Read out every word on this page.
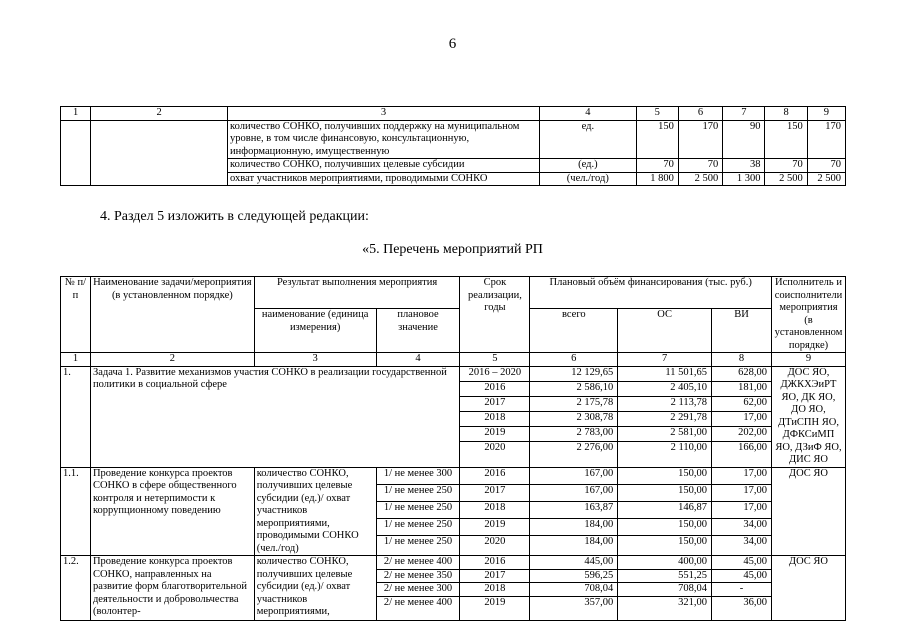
6
1	2	3	4	5	6	7	8	9
		количество СОНКО, получивших поддержку на муниципальном уровне, в том числе финансовую, консультационную, информационную, имущественную	ед.	150	170	90	150	170
		количество СОНКО, получивших целевые субсидии	(ед.)	70	70	38	70	70
		охват участников мероприятиями, проводимыми СОНКО	(чел./год)	1 800	2 500	1 300	2 500	2 500
4. Раздел 5 изложить в следующей редакции:
«5. Перечень мероприятий РП
№ п/п	Наименование задачи/мероприятия (в установленном порядке)	Результат выполнения мероприятия		Срок реализации, годы	Плановый объём финансирования (тыс. руб.)			Исполнитель и соисполнители мероприятия (в установленном порядке)
		наименование (единица измерения)	плановое значение		всего	ОС	ВИ	
1	2	3	4	5	6	7	8	9
1.	Задача 1. Развитие механизмов участия СОНКО в реализации государственной политики в социальной сфере			2016 – 2020	12 129,65	11 501,65	628,00	ДОС ЯО, ДЖКХЭиРТ ЯО, ДК ЯО, ДО ЯО, ДТиСПН ЯО, ДФКСиМП ЯО, ДЗиФ ЯО, ДИС ЯО
				2016	2 586,10	2 405,10	181,00	
				2017	2 175,78	2 113,78	62,00	
				2018	2 308,78	2 291,78	17,00	
				2019	2 783,00	2 581,00	202,00	
				2020	2 276,00	2 110,00	166,00	
1.1.	Проведение конкурса проектов СОНКО в сфере общественного контроля и нетерпимости к коррупционному поведению	количество СОНКО, получивших целевые субсидии (ед.)/ охват участников мероприятиями, проводимыми СОНКО (чел./год)	1/ не менее 300	2016	167,00	150,00	17,00	ДОС ЯО
			1/ не менее 250	2017	167,00	150,00	17,00	
			1/ не менее 250	2018	163,87	146,87	17,00	
			1/ не менее 250	2019	184,00	150,00	34,00	
			1/ не менее 250	2020	184,00	150,00	34,00	
1.2.	Проведение конкурса проектов СОНКО, направленных на развитие форм благотворительной деятельности и добровольчества (волонтер-	количество СОНКО, получивших целевые субсидии (ед.)/ охват участников мероприятиями,	2/ не менее 400	2016	445,00	400,00	45,00	ДОС ЯО
			2/ не менее 350	2017	596,25	551,25	45,00	
			2/ не менее 300	2018	708,04	708,04	-	
			2/ не менее 400	2019	357,00	321,00	36,00	
